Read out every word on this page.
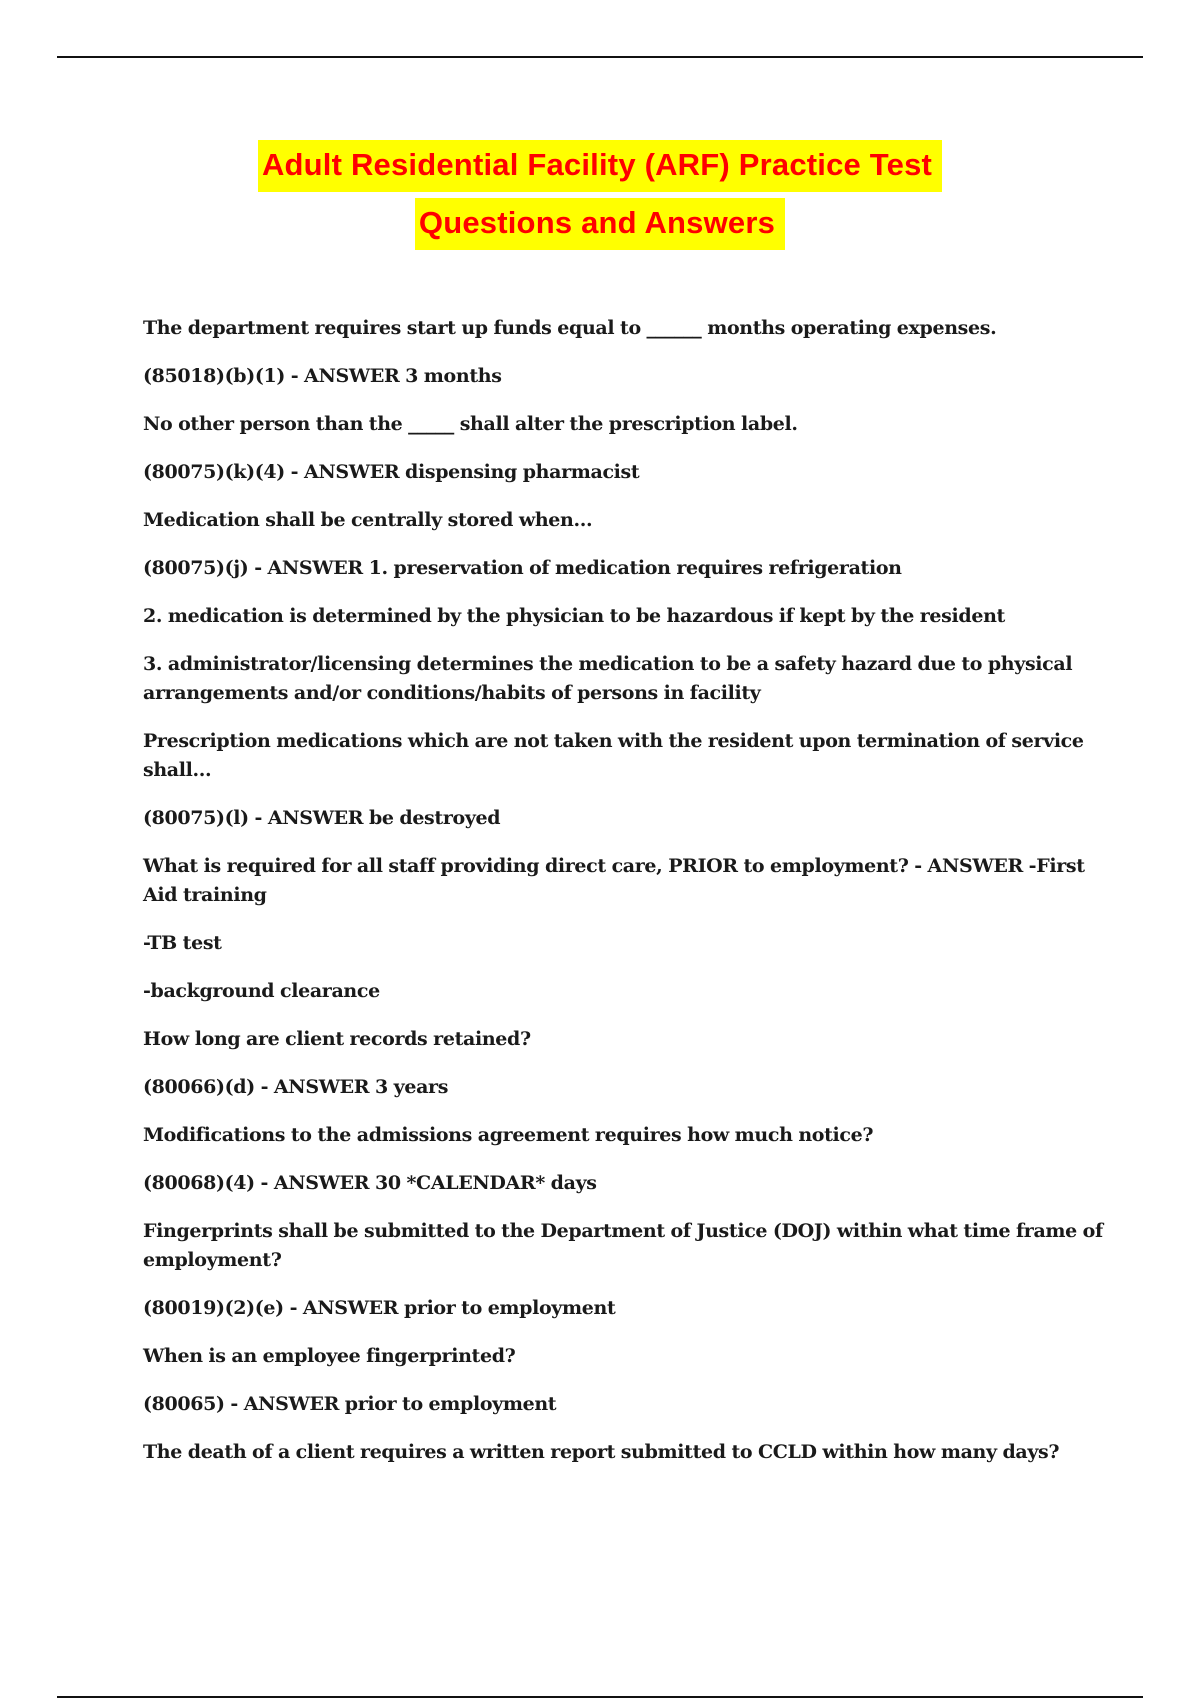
Adult Residential Facility (ARF) Practice Test
Questions and Answers

The department requires start up funds equal to ______ months operating expenses.

(85018)(b)(1) - ANSWER 3 months

No other person than the _____ shall alter the prescription label.

(80075)(k)(4) - ANSWER dispensing pharmacist

Medication shall be centrally stored when...

(80075)(j) - ANSWER 1. preservation of medication requires refrigeration

2. medication is determined by the physician to be hazardous if kept by the resident

3. administrator/licensing determines the medication to be a safety hazard due to physical arrangements and/or conditions/habits of persons in facility

Prescription medications which are not taken with the resident upon termination of service shall...

(80075)(l) - ANSWER be destroyed

What is required for all staff providing direct care, PRIOR to employment? - ANSWER -First Aid training

-TB test

-background clearance

How long are client records retained?

(80066)(d) - ANSWER 3 years

Modifications to the admissions agreement requires how much notice?

(80068)(4) - ANSWER 30 *CALENDAR* days

Fingerprints shall be submitted to the Department of Justice (DOJ) within what time frame of employment?

(80019)(2)(e) - ANSWER prior to employment

When is an employee fingerprinted?

(80065) - ANSWER prior to employment

The death of a client requires a written report submitted to CCLD within how many days?
